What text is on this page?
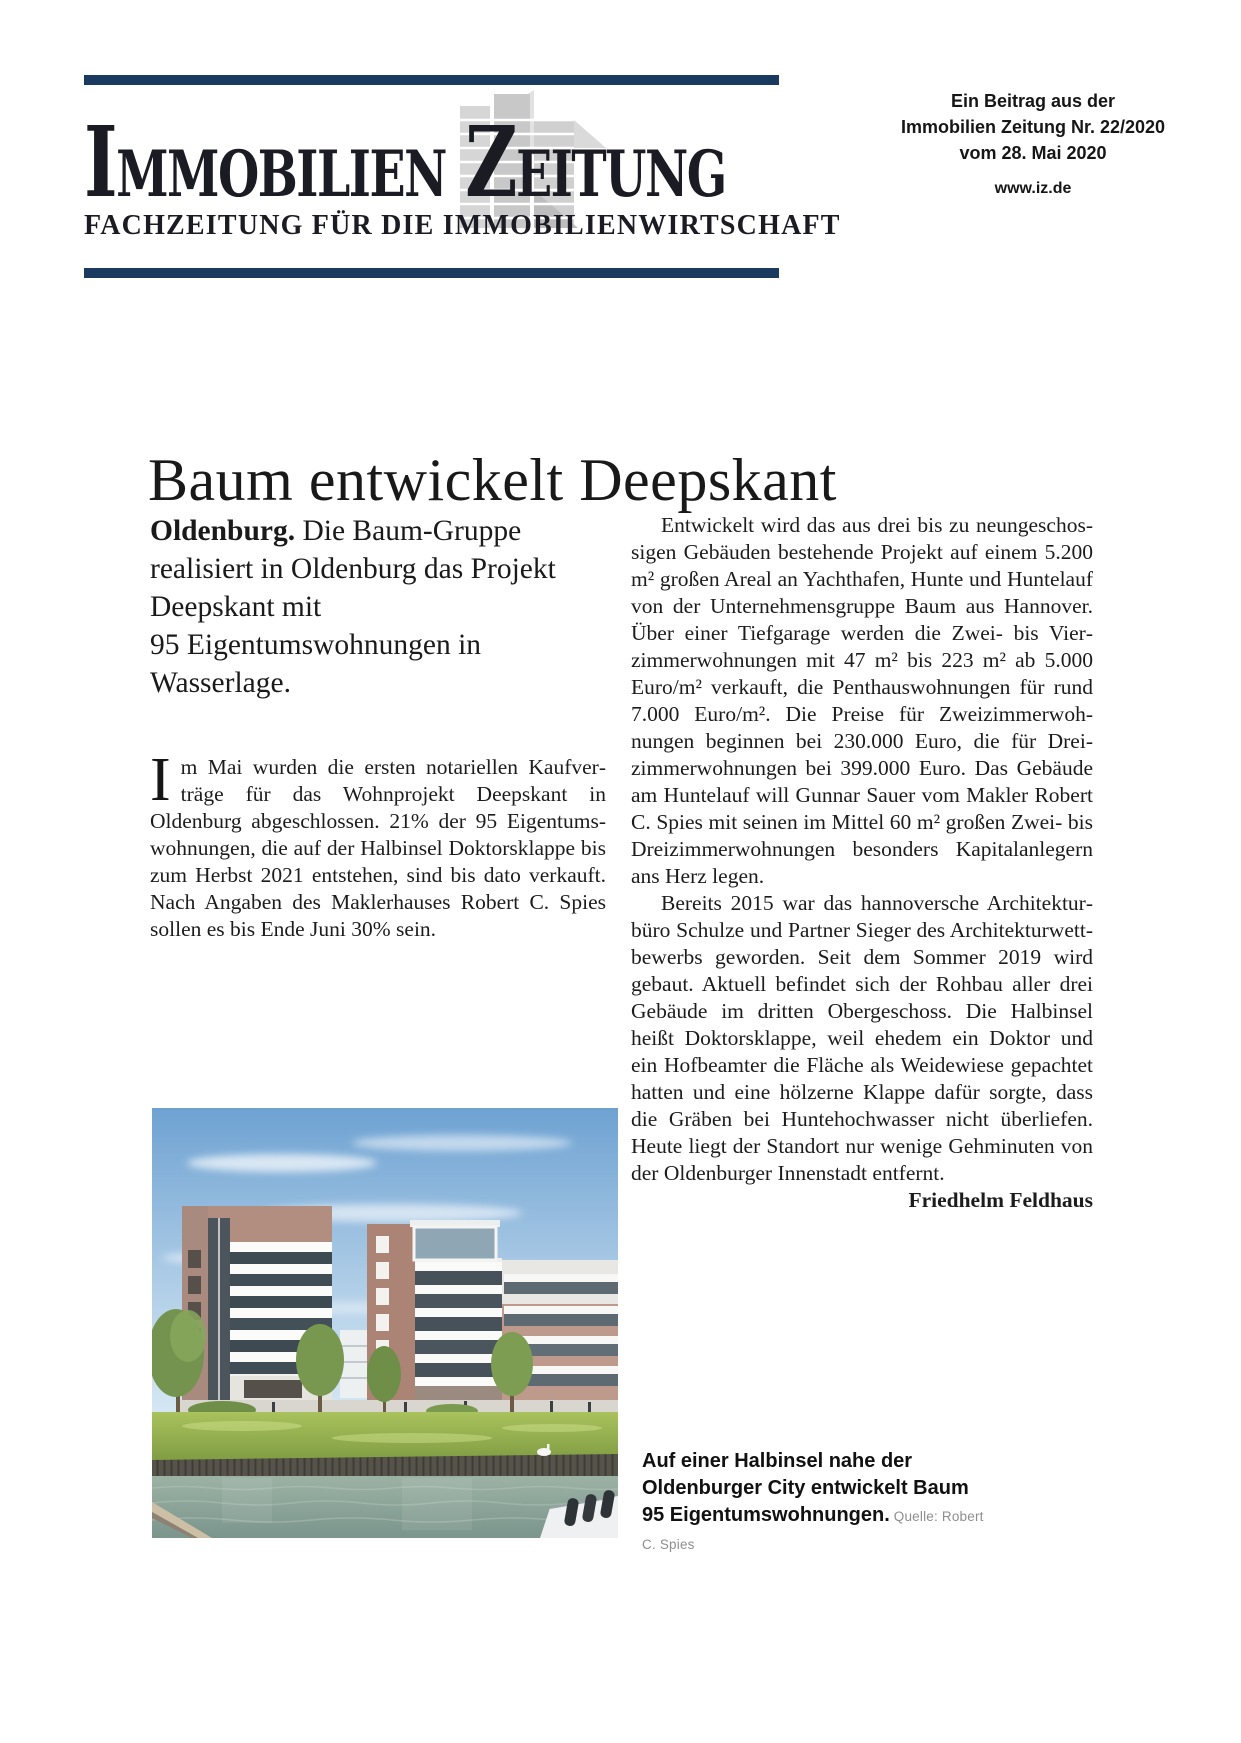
IMMOBILIEN ZEITUNG
FACHZEITUNG FÜR DIE IMMOBILIENWIRTSCHAFT
Ein Beitrag aus der
Immobilien Zeitung Nr. 22/2020
vom 28. Mai 2020
www.iz.de
Baum entwickelt Deepskant
Oldenburg. Die Baum-Gruppe realisiert in Oldenburg das Projekt Deepskant mit 95 Eigentumswohnungen in Wasserlage.
Im Mai wurden die ersten notariellen Kaufverträge für das Wohnprojekt Deepskant in Oldenburg abgeschlossen. 21% der 95 Eigentumswohnungen, die auf der Halbinsel Doktorsklappe bis zum Herbst 2021 entstehen, sind bis dato verkauft. Nach Angaben des Maklerhauses Robert C. Spies sollen es bis Ende Juni 30% sein.

Entwickelt wird das aus drei bis zu neungeschossigen Gebäuden bestehende Projekt auf einem 5.200 m² großen Areal an Yachthafen, Hunte und Huntelauf von der Unternehmensgruppe Baum aus Hannover. Über einer Tiefgarage werden die Zwei- bis Vierzimmerwohnungen mit 47 m² bis 223 m² ab 5.000 Euro/m² verkauft, die Penthauswohnungen für rund 7.000 Euro/m². Die Preise für Zweizimmerwohnungen beginnen bei 230.000 Euro, die für Dreizimmerwohnungen bei 399.000 Euro. Das Gebäude am Huntelauf will Gunnar Sauer vom Makler Robert C. Spies mit seinen im Mittel 60 m² großen Zwei- bis Dreizimmerwohnungen besonders Kapitalanlegern ans Herz legen.

Bereits 2015 war das hannoversche Architekturbüro Schulze und Partner Sieger des Architekturwettbewerbs geworden. Seit dem Sommer 2019 wird gebaut. Aktuell befindet sich der Rohbau aller drei Gebäude im dritten Obergeschoss. Die Halbinsel heißt Doktorsklappe, weil ehedem ein Doktor und ein Hofbeamter die Fläche als Weidewiese gepachtet hatten und eine hölzerne Klappe dafür sorgte, dass die Gräben bei Huntehochwasser nicht überliefen. Heute liegt der Standort nur wenige Gehminuten von der Oldenburger Innenstadt entfernt.
Friedhelm Feldhaus

Auf einer Halbinsel nahe der Oldenburger City entwickelt Baum 95 Eigentumswohnungen. Quelle: Robert C. Spies
